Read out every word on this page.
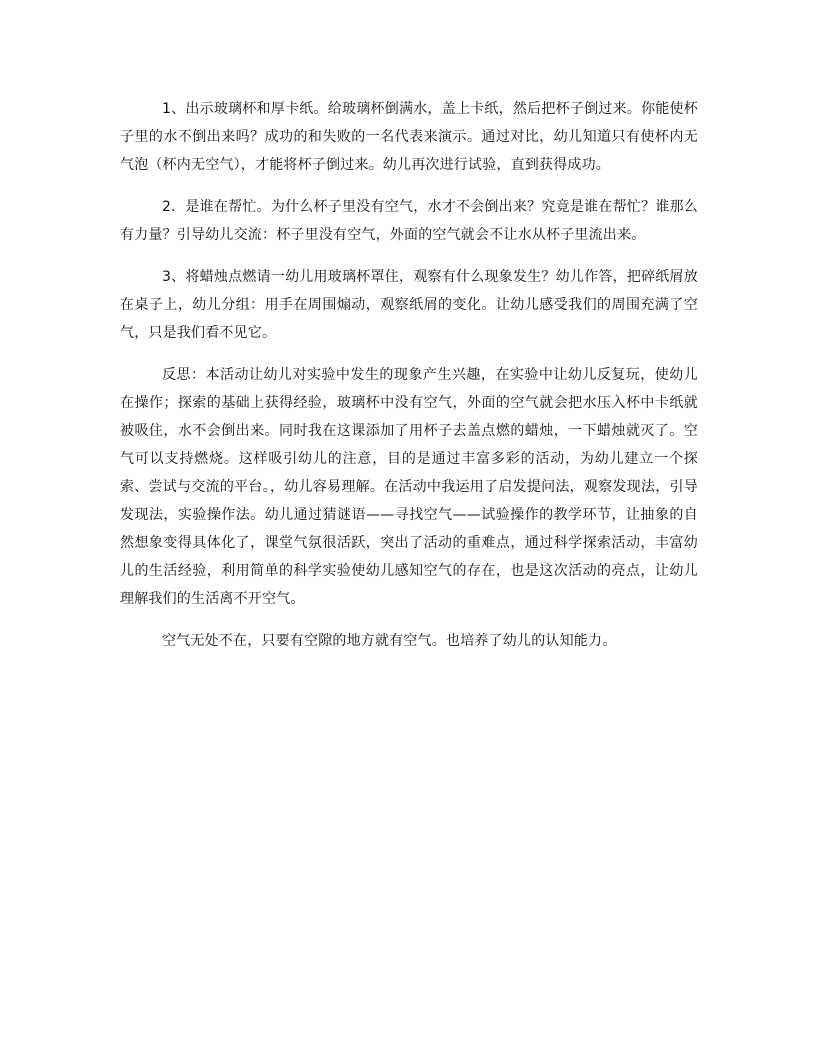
1、出示玻璃杯和厚卡纸。给玻璃杯倒满水，盖上卡纸，然后把杯子倒过来。你能使杯子里的水不倒出来吗？成功的和失败的一名代表来演示。通过对比，幼儿知道只有使杯内无气泡（杯内无空气），才能将杯子倒过来。幼儿再次进行试验，直到获得成功。

2．是谁在帮忙。为什么杯子里没有空气，水才不会倒出来？究竟是谁在帮忙？谁那么有力量？引导幼儿交流：杯子里没有空气，外面的空气就会不让水从杯子里流出来。

3、将蜡烛点燃请一幼儿用玻璃杯罩住，观察有什么现象发生？幼儿作答，把碎纸屑放在桌子上，幼儿分组：用手在周围煽动，观察纸屑的变化。让幼儿感受我们的周围充满了空气，只是我们看不见它。

反思：本活动让幼儿对实验中发生的现象产生兴趣，在实验中让幼儿反复玩，使幼儿在操作；探索的基础上获得经验，玻璃杯中没有空气，外面的空气就会把水压入杯中卡纸就被吸住，水不会倒出来。同时我在这课添加了用杯子去盖点燃的蜡烛，一下蜡烛就灭了。空气可以支持燃烧。这样吸引幼儿的注意，目的是通过丰富多彩的活动，为幼儿建立一个探索、尝试与交流的平台。，幼儿容易理解。在活动中我运用了启发提问法，观察发现法，引导发现法，实验操作法。幼儿通过猜谜语——寻找空气——试验操作的教学环节，让抽象的自然想象变得具体化了，课堂气氛很活跃，突出了活动的重难点，通过科学探索活动，丰富幼儿的生活经验，利用简单的科学实验使幼儿感知空气的存在，也是这次活动的亮点，让幼儿理解我们的生活离不开空气。

空气无处不在，只要有空隙的地方就有空气。也培养了幼儿的认知能力。
